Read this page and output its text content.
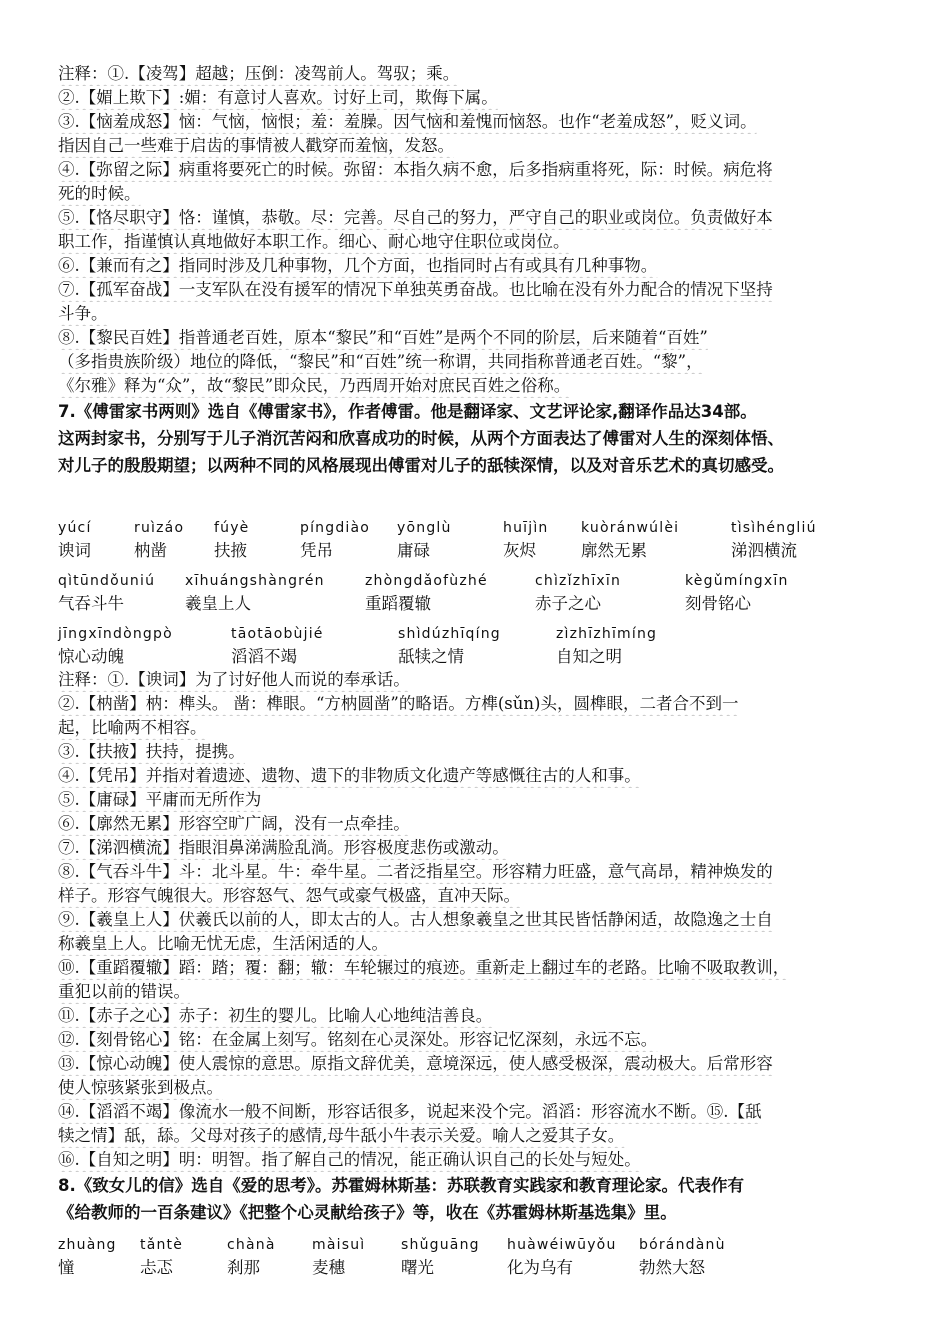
注释：①.【凌驾】超越；压倒：凌驾前人。驾驭；乘。

②.【媚上欺下】:媚：有意讨人喜欢。讨好上司，欺侮下属。

③.【恼羞成怒】恼：气恼，恼恨；羞：羞臊。因气恼和羞愧而恼怒。也作“老羞成怒”，贬义词。

指因自己一些难于启齿的事情被人戳穿而羞恼，发怒。

④.【弥留之际】病重将要死亡的时候。弥留：本指久病不愈，后多指病重将死，际：时候。病危将

死的时候。

⑤.【恪尽职守】恪：谨慎，恭敬。尽：完善。尽自己的努力，严守自己的职业或岗位。负责做好本

职工作，指谨慎认真地做好本职工作。细心、耐心地守住职位或岗位。

⑥.【兼而有之】指同时涉及几种事物，几个方面，也指同时占有或具有几种事物。

⑦.【孤军奋战】一支军队在没有援军的情况下单独英勇奋战。也比喻在没有外力配合的情况下坚持

斗争。

⑧.【黎民百姓】指普通老百姓，原本“黎民”和“百姓”是两个不同的阶层，后来随着“百姓”

（多指贵族阶级）地位的降低，“黎民”和“百姓”统一称谓，共同指称普通老百姓。“黎”，

《尔雅》释为“众”，故“黎民”即众民，乃西周开始对庶民百姓之俗称。

7.《傅雷家书两则》选自《傅雷家书》，作者傅雷。他是翻译家、文艺评论家,翻译作品达34部。

这两封家书，分别写于儿子消沉苦闷和欣喜成功的时候，从两个方面表达了傅雷对人生的深刻体悟、

对儿子的殷殷期望；以两种不同的风格展现出傅雷对儿子的舐犊深情，以及对音乐艺术的真切感受。

yúcí	ruìzáo	fúyè	píngdiào	yōnglù	huījìn	kuòránwúlèi	tìsìhéngliú
谀词	枘凿	扶掖	凭吊	庸碌	灰烬	廓然无累	涕泗横流
qìtūndǒuniú	xīhuángshàngrén	zhòngdǎofùzhé	chìzǐzhīxīn	kègǔmíngxīn
气吞斗牛	羲皇上人	重蹈覆辙	赤子之心	刻骨铭心
jīngxīndòngpò	tāotāobùjié	shìdúzhīqíng	zìzhīzhīmíng
惊心动魄	滔滔不竭	舐犊之情	自知之明

注释：①.【谀词】为了讨好他人而说的奉承话。

②.【枘凿】枘：榫头。 凿：榫眼。“方枘圆凿”的略语。方榫(sǔn)头，圆榫眼，二者合不到一

起，比喻两不相容。

③.【扶掖】扶持，提携。

④.【凭吊】并指对着遗迹、遗物、遗下的非物质文化遗产等感慨往古的人和事。

⑤.【庸碌】平庸而无所作为

⑥.【廓然无累】形容空旷广阔，没有一点牵挂。

⑦.【涕泗横流】指眼泪鼻涕满脸乱淌。形容极度悲伤或激动。

⑧.【气吞斗牛】斗：北斗星。牛：牵牛星。二者泛指星空。形容精力旺盛，意气高昂，精神焕发的

样子。形容气魄很大。形容怒气、怨气或豪气极盛，直冲天际。

⑨.【羲皇上人】伏羲氏以前的人，即太古的人。古人想象羲皇之世其民皆恬静闲适，故隐逸之士自

称羲皇上人。比喻无忧无虑，生活闲适的人。

⑩.【重蹈覆辙】蹈：踏；覆：翻；辙：车轮辗过的痕迹。重新走上翻过车的老路。比喻不吸取教训，

重犯以前的错误。

⑪.【赤子之心】赤子：初生的婴儿。比喻人心地纯洁善良。

⑫.【刻骨铭心】铭：在金属上刻写。铭刻在心灵深处。形容记忆深刻，永远不忘。

⑬.【惊心动魄】使人震惊的意思。原指文辞优美，意境深远，使人感受极深，震动极大。后常形容

使人惊骇紧张到极点。

⑭.【滔滔不竭】像流水一般不间断，形容话很多，说起来没个完。滔滔：形容流水不断。⑮.【舐

犊之情】舐，舔。父母对孩子的感情,母牛舐小牛表示关爱。喻人之爱其子女。

⑯.【自知之明】明：明智。指了解自己的情况，能正确认识自己的长处与短处。

8.《致女儿的信》选自《爱的思考》。苏霍姆林斯基：苏联教育实践家和教育理论家。代表作有

《给教师的一百条建议》《把整个心灵献给孩子》等，收在《苏霍姆林斯基选集》里。

zhuàng	tǎntè	chànà	màisuì	shǔguāng	huàwéiwūyǒu	bórándànù
憧	忐忑	刹那	麦穗	曙光	化为乌有	勃然大怒
